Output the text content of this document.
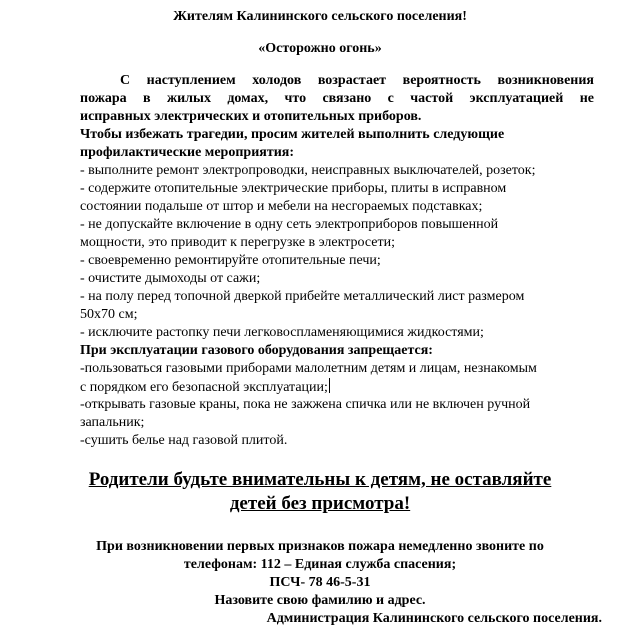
Жителям Калининского сельского поселения!
«Осторожно огонь»
С наступлением холодов возрастает вероятность возникновения
пожара в жилых домах, что связано с частой эксплуатацией не
исправных электрических и отопительных приборов.
Чтобы избежать трагедии, просим жителей выполнить следующие
профилактические мероприятия:
- выполните ремонт электропроводки, неисправных выключателей, розеток;
- содержите отопительные электрические приборы, плиты в исправном
состоянии подальше от штор и мебели на несгораемых подставках;
- не допускайте включение в одну сеть электроприборов повышенной
мощности, это приводит к перегрузке в электросети;
- своевременно ремонтируйте отопительные печи;
- очистите дымоходы от сажи;
- на полу перед топочной дверкой прибейте металлический лист размером
50х70 см;
- исключите растопку печи легковоспламеняющимися жидкостями;
При эксплуатации газового оборудования запрещается:
-пользоваться газовыми приборами малолетним детям и лицам, незнакомым
с порядком его безопасной эксплуатации;
-открывать газовые краны, пока не зажжена спичка или не включен ручной
запальник;
-сушить белье над газовой плитой.
Родители будьте внимательны к детям, не оставляйте
детей без присмотра!
При возникновении первых признаков пожара немедленно звоните по
телефонам: 112 – Единая служба спасения;
ПСЧ- 78 46-5-31
Назовите свою фамилию и адрес.
Администрация Калининского сельского поселения.
